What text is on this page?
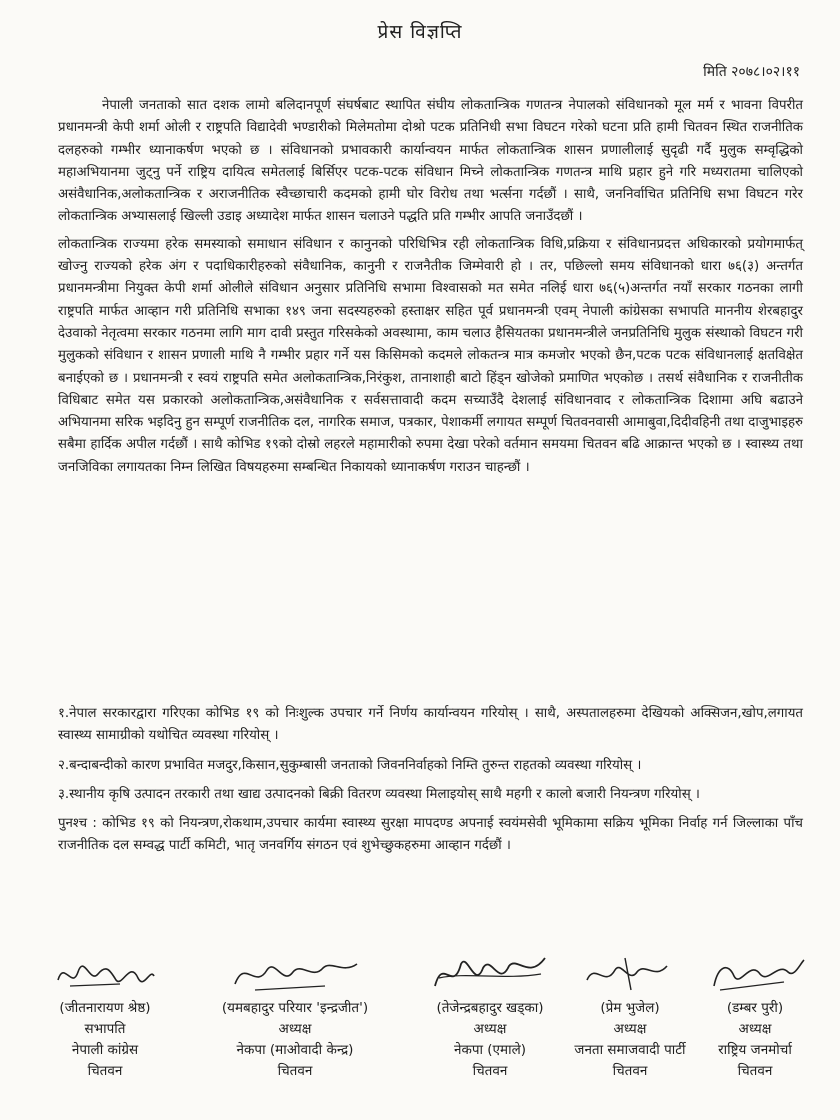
प्रेस विज्ञप्ति
मिति २०७८।०२।११

नेपाली जनताको सात दशक लामो बलिदानपूर्ण संघर्षबाट स्थापित संघीय लोकतान्त्रिक गणतन्त्र नेपालको संविधानको मूल मर्म र भावना विपरीत प्रधानमन्त्री केपी शर्मा ओली र राष्ट्रपति विद्यादेवी भण्डारीको मिलेमतोमा दोश्रो पटक प्रतिनिधी सभा विघटन गरेको घटना प्रति हामी चितवन स्थित राजनीतिक दलहरुको गम्भीर ध्यानाकर्षण भएको छ । संविधानको प्रभावकारी कार्यान्वयन मार्फत लोकतान्त्रिक शासन प्रणालीलाई सुदृढी गर्दै मुलुक सम्वृद्धिको महाअभियानमा जुट्नु पर्ने राष्ट्रिय दायित्व समेतलाई बिर्सिएर पटक-पटक संविधान मिच्ने लोकतान्त्रिक गणतन्त्र माथि प्रहार हुने गरि मध्यरातमा चालिएको असंवैधानिक,अलोकतान्त्रिक र अराजनीतिक स्वैच्छाचारी कदमको हामी घोर विरोध तथा भर्त्सना गर्दछौं । साथै, जननिर्वाचित प्रतिनिधि सभा विघटन गरेर लोकतान्त्रिक अभ्यासलाई खिल्ली उडाइ अध्यादेश मार्फत शासन चलाउने पद्धति प्रति गम्भीर आपति जनाउँदछौं ।

लोकतान्त्रिक राज्यमा हरेक समस्याको समाधान संविधान र कानुनको परिधिभित्र रही लोकतान्त्रिक विधि,प्रक्रिया र संविधानप्रदत्त अधिकारको प्रयोगमार्फत् खोज्नु राज्यको हरेक अंग र पदाधिकारीहरुको संवैधानिक, कानुनी र राजनैतीक जिम्मेवारी हो । तर, पछिल्लो समय संविधानको धारा ७६(३) अन्तर्गत प्रधानमन्त्रीमा नियुक्त केपी शर्मा ओलीले संविधान अनुसार प्रतिनिधि सभामा विश्वासको मत समेत नलिई धारा ७६(५)अन्तर्गत नयाँ सरकार गठनका लागी राष्ट्रपति मार्फत आव्हान गरी प्रतिनिधि सभाका १४९ जना सदस्यहरुको हस्ताक्षर सहित पूर्व प्रधानमन्त्री एवम् नेपाली कांग्रेसका सभापति माननीय शेरबहादुर देउवाको नेतृत्वमा सरकार गठनमा लागि माग दावी प्रस्तुत गरिसकेको अवस्थामा, काम चलाउ हैसियतका प्रधानमन्त्रीले जनप्रतिनिधि मुलुक संस्थाको विघटन गरी मुलुकको संविधान र शासन प्रणाली माथि नै गम्भीर प्रहार गर्ने यस किसिमको कदमले लोकतन्त्र मात्र कमजोर भएको छैन,पटक पटक संविधानलाई क्षतविक्षेत बनाईएको छ । प्रधानमन्त्री र स्वयं राष्ट्रपति समेत अलोकतान्त्रिक,निरंकुश, तानाशाही बाटो हिंड्न खोजेको प्रमाणित भएकोछ । तसर्थ संवैधानिक र राजनीतीक विधिबाट समेत यस प्रकारको अलोकतान्त्रिक,असंवैधानिक र सर्वसत्तावादी कदम सच्याउँदै देशलाई संविधानवाद र लोकतान्त्रिक दिशामा अघि बढाउने अभियानमा सरिक भइदिनु हुन सम्पूर्ण राजनीतिक दल, नागरिक समाज, पत्रकार, पेशाकर्मी लगायत सम्पूर्ण चितवनवासी आमाबुवा,दिदीवहिनी तथा दाजुभाइहरु सबैमा हार्दिक अपील गर्दछौं । साथै कोभिड १९को दोस्रो लहरले महामारीको रुपमा देखा परेको वर्तमान समयमा चितवन बढि आक्रान्त भएको छ । स्वास्थ्य तथा जनजिविका लगायतका निम्न लिखित विषयहरुमा सम्बन्धित निकायको ध्यानाकर्षण गराउन चाहन्छौं ।

१.नेपाल सरकारद्वारा गरिएका कोभिड १९ को निःशुल्क उपचार गर्ने निर्णय कार्यान्वयन गरियोस् । साथै, अस्पतालहरुमा देखियको अक्सिजन,खोप,लगायत स्वास्थ्य सामाग्रीको यथोचित व्यवस्था गरियोस् ।

२.बन्दाबन्दीको कारण प्रभावित मजदुर,किसान,सुकुम्बासी जनताको जिवननिर्वाहको निम्ति तुरुन्त राहतको व्यवस्था गरियोस् ।

३.स्थानीय कृषि उत्पादन तरकारी तथा खाद्य उत्पादनको बिक्री वितरण व्यवस्था मिलाइयोस् साथै महगी र कालो बजारी नियन्त्रण गरियोस् ।

पुनश्च : कोभिड १९ को नियन्त्रण,रोकथाम,उपचार कार्यमा स्वास्थ्य सुरक्षा मापदण्ड अपनाई स्वयंमसेवी भूमिकामा सक्रिय भूमिका निर्वाह गर्न जिल्लाका पाँच राजनीतिक दल सम्वद्ध पार्टी कमिटी, भातृ जनवर्गिय संगठन एवं शुभेच्छुकहरुमा आव्हान गर्दछौं ।

(जीतनारायण श्रेष्ठ)
सभापति
नेपाली कांग्रेस
चितवन
(यमबहादुर परियार 'इन्द्रजीत')
अध्यक्ष
नेकपा (माओवादी केन्द्र)
चितवन
(तेजेन्द्रबहादुर खड्का)
अध्यक्ष
नेकपा (एमाले)
चितवन
(प्रेम भुजेल)
अध्यक्ष
जनता समाजवादी पार्टी
चितवन
(डम्बर पुरी)
अध्यक्ष
राष्ट्रिय जनमोर्चा
चितवन
